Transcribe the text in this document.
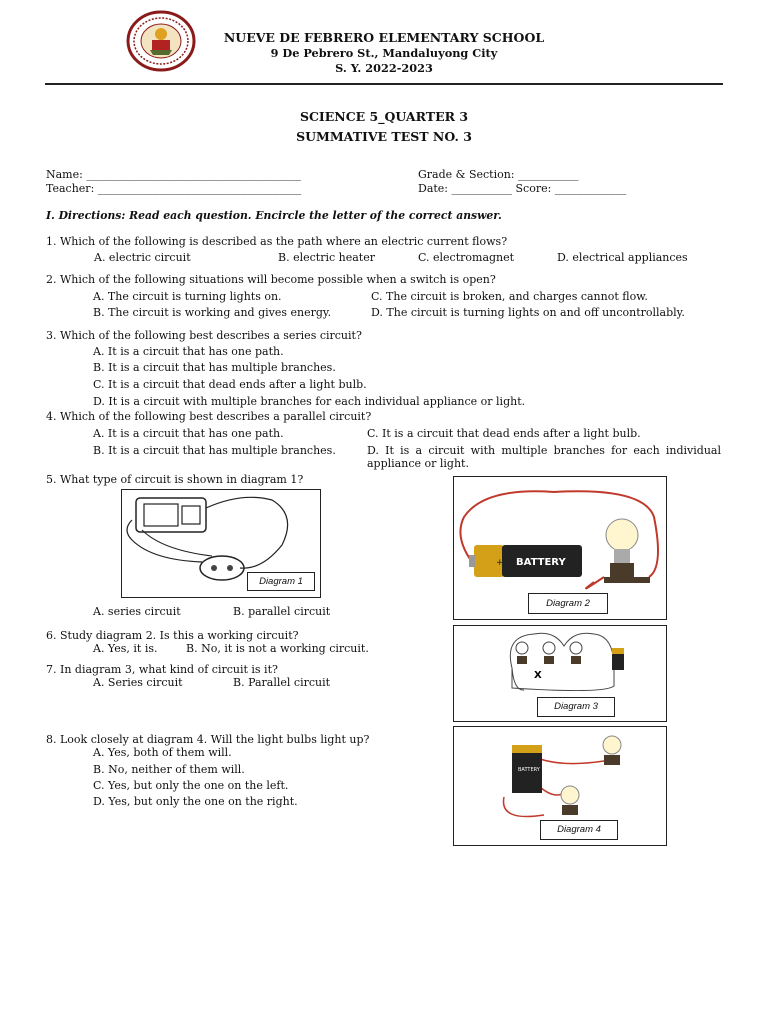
NUEVE DE FEBRERO ELEMENTARY SCHOOL
9 De Pebrero St., Mandaluyong City
S. Y. 2022-2023
SCIENCE 5_QUARTER 3
SUMMATIVE TEST NO. 3
Name: _______________________________________
Teacher: _____________________________________
Grade & Section: ___________
Date: ___________ Score: _____________
I. Directions: Read each question. Encircle the letter of the correct answer.
1. Which of the following is described as the path where an electric current flows?
A. electric circuit	B. electric heater	C. electromagnet	D. electrical appliances
2. Which of the following situations will become possible when a switch is open?
A. The circuit is turning lights on.
B. The circuit is working and gives energy.
C. The circuit is broken, and charges cannot flow.
D. The circuit is turning lights on and off uncontrollably.
3. Which of the following best describes a series circuit?
A. It is a circuit that has one path.
B. It is a circuit that has multiple branches.
C. It is a circuit that dead ends after a light bulb.
D. It is a circuit with multiple branches for each individual appliance or light.
4. Which of the following best describes a parallel circuit?
A. It is a circuit that has one path.
B. It is a circuit that has multiple branches.
C. It is a circuit that dead ends after a light bulb.
D. It is a circuit with multiple branches for each individual appliance or light.
5. What type of circuit is shown in diagram 1?
Diagram 1
A. series circuit	B. parallel circuit
+ BATTERY
Diagram 2
6. Study diagram 2. Is this a working circuit?
A. Yes, it is.	B. No, it is not a working circuit.
X
Diagram 3
7. In diagram 3, what kind of circuit is it?
A. Series circuit	B. Parallel circuit
BATTERY
Diagram 4
8. Look closely at diagram 4. Will the light bulbs light up?
A. Yes, both of them will.
B. No, neither of them will.
C. Yes, but only the one on the left.
D. Yes, but only the one on the right.
